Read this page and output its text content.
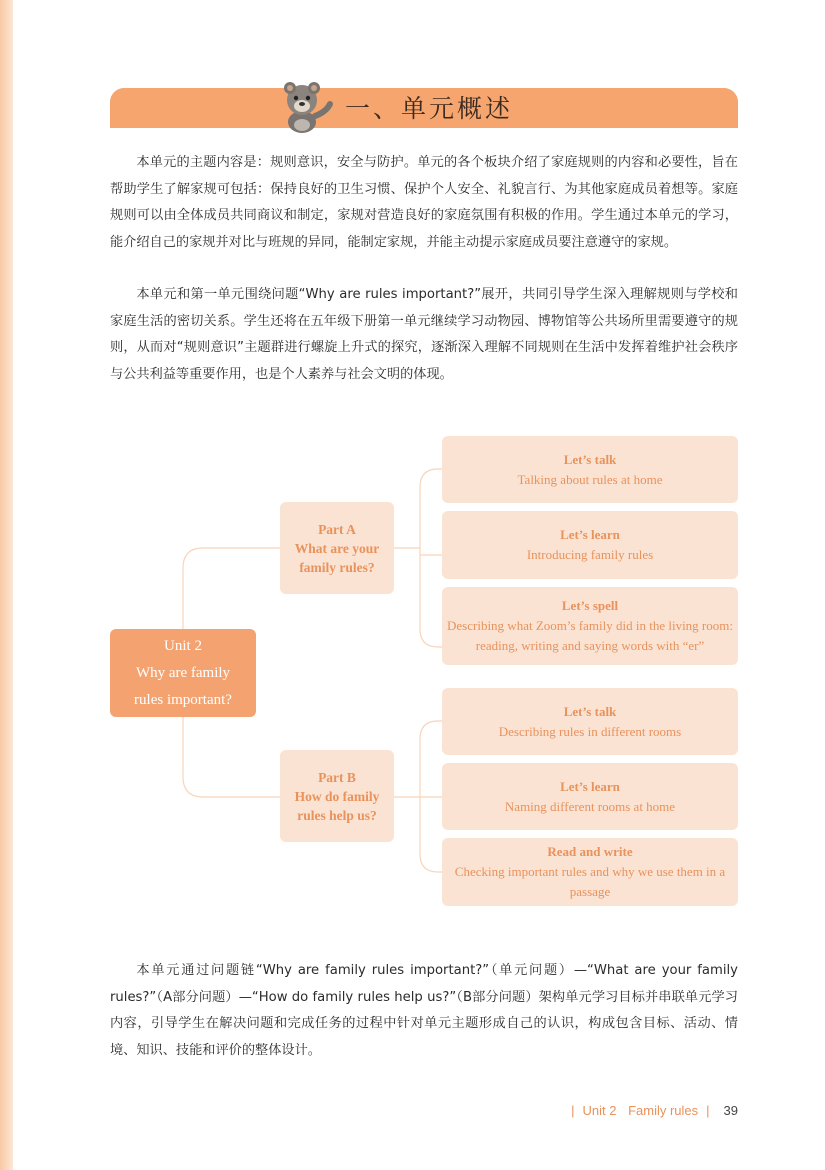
一、单元概述

本单元的主题内容是：规则意识，安全与防护。单元的各个板块介绍了家庭规则的内容和必要性，旨在帮助学生了解家规可包括：保持良好的卫生习惯、保护个人安全、礼貌言行、为其他家庭成员着想等。家庭规则可以由全体成员共同商议和制定，家规对营造良好的家庭氛围有积极的作用。学生通过本单元的学习，能介绍自己的家规并对比与班规的异同，能制定家规，并能主动提示家庭成员要注意遵守的家规。

本单元和第一单元围绕问题“Why are rules important?”展开，共同引导学生深入理解规则与学校和家庭生活的密切关系。学生还将在五年级下册第一单元继续学习动物园、博物馆等公共场所里需要遵守的规则，从而对“规则意识”主题群进行螺旋上升式的探究，逐渐深入理解不同规则在生活中发挥着维护社会秩序与公共利益等重要作用，也是个人素养与社会文明的体现。

Unit 2
Why are family
rules important?
Part A
What are your
family rules?
Part B
How do family
rules help us?
Let’s talk
Talking about rules at home
Let’s learn
Introducing family rules
Let’s spell
Describing what Zoom’s family did in the living room: reading, writing and saying words with “er”
Let’s talk
Describing rules in different rooms
Let’s learn
Naming different rooms at home
Read and write
Checking important rules and why we use them in a passage

本单元通过问题链“Why are family rules important?”（单元问题）—“What are your family rules?”（A部分问题）—“How do family rules help us?”（B部分问题）架构单元学习目标并串联单元学习内容，引导学生在解决问题和完成任务的过程中针对单元主题形成自己的认识，构成包含目标、活动、情境、知识、技能和评价的整体设计。

| Unit 2 Family rules | 39
